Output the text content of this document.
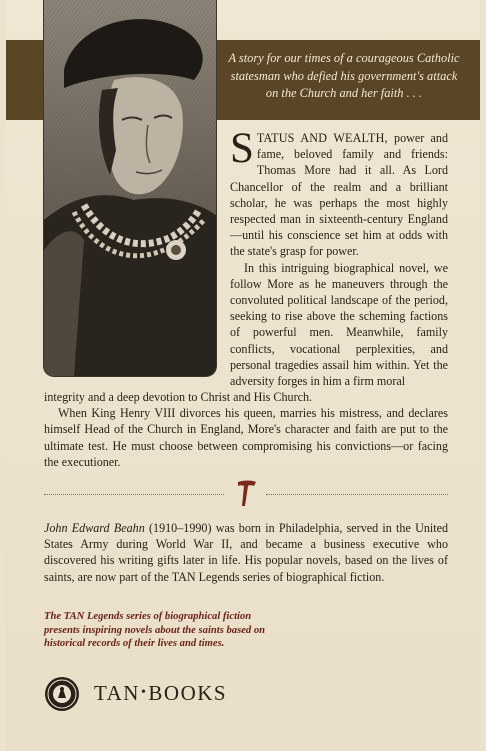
A story for our times of a courageous Catholic statesman who defied his government's attack on the Church and her faith . . .

STATUS AND WEALTH, power and fame, beloved family and friends: Thomas More had it all. As Lord Chancellor of the realm and a brilliant scholar, he was perhaps the most highly respected man in sixteenth-century England—until his conscience set him at odds with the state's grasp for power.

In this intriguing biographical novel, we follow More as he maneuvers through the convoluted political landscape of the period, seeking to rise above the scheming factions of powerful men. Meanwhile, family conflicts, vocational perplexities, and personal tragedies assail him within. Yet the adversity forges in him a firm moral

integrity and a deep devotion to Christ and His Church.

When King Henry VIII divorces his queen, marries his mistress, and declares himself Head of the Church in England, More's character and faith are put to the ultimate test. He must choose between compromising his convictions—or facing the executioner.

John Edward Beahn (1910–1990) was born in Philadelphia, served in the United States Army during World War II, and became a business executive who discovered his writing gifts later in life. His popular novels, based on the lives of saints, are now part of the TAN Legends series of biographical fiction.
The TAN Legends series of biographical fiction presents inspiring novels about the saints based on historical records of their lives and times.
TAN•BOOKS
